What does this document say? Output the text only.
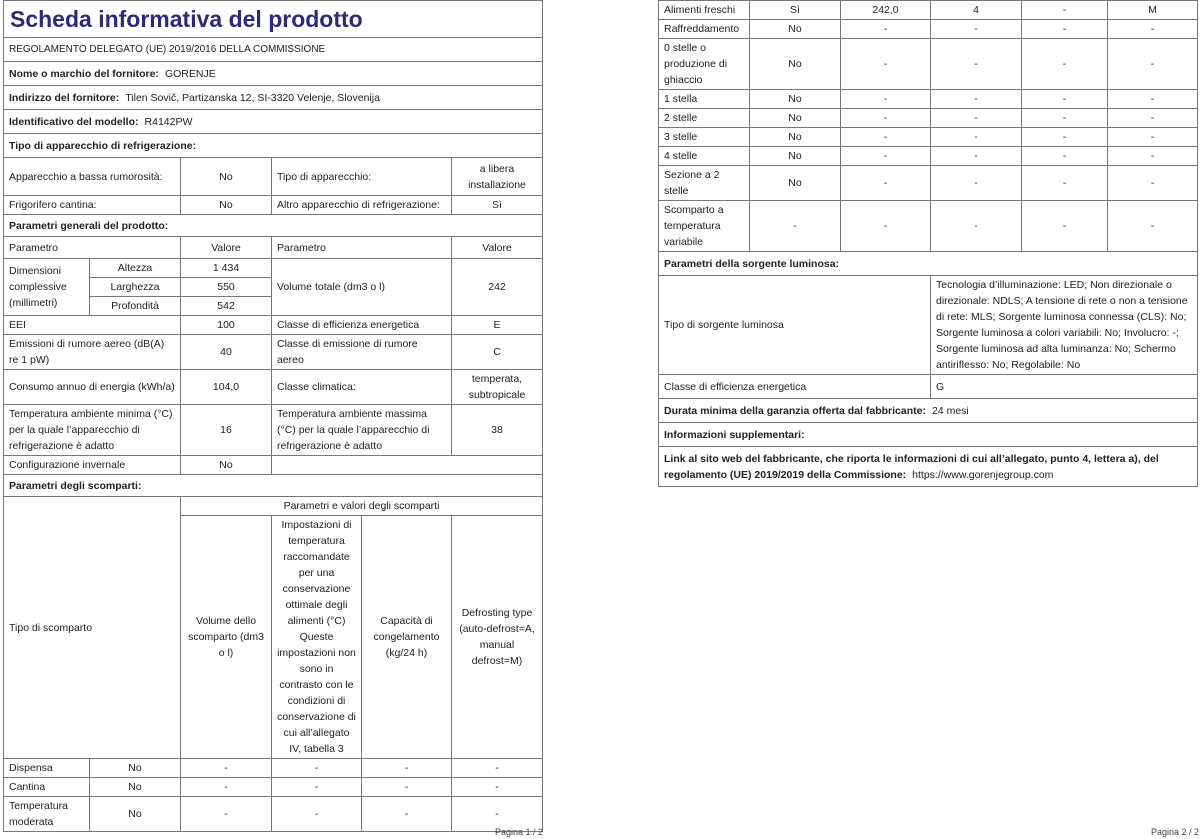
Scheda informativa del prodotto					
REGOLAMENTO DELEGATO (UE) 2019/2016 DELLA COMMISSIONE					
Nome o marchio del fornitore: GORENJE					
Indirizzo del fornitore: Tilen Sovič, Partizanska 12, SI-3320 Velenje, Slovenija					
Identificativo del modello: R4142PW					
Tipo di apparecchio di refrigerazione:					
Apparecchio a bassa rumorosità:		No	Tipo di apparecchio:		a libera installazione
Frigorifero cantina:		No	Altro apparecchio di refrigerazione:		Sì
Parametri generali del prodotto:					
Parametro		Valore	Parametro		Valore
Dimensioni complessive (millimetri)	Altezza	1 434	Volume totale (dm3 o l)		242
	Larghezza	550			
	Profondità	542			
EEI		100	Classe di efficienza energetica		E
Emissioni di rumore aereo (dB(A) re 1 pW)		40	Classe di emissione di rumore aereo		C
Consumo annuo di energia (kWh/a)		104,0	Classe climatica:		temperata, subtropicale
Temperatura ambiente minima (°C) per la quale l’apparecchio di refrigerazione è adatto		16	Temperatura ambiente massima (°C) per la quale l’apparecchio di refrigerazione è adatto		38
Configurazione invernale		No			
Parametri degli scomparti:					
Tipo di scomparto		Parametri e valori degli scomparti			
		Volume dello scomparto (dm3 o l)	Impostazioni di temperatura raccomandate per una conservazione ottimale degli alimenti (°C) Queste impostazioni non sono in contrasto con le condizioni di conservazione di cui all’allegato IV, tabella 3	Capacità di congelamento (kg/24 h)	Defrosting type (auto-defrost=A, manual defrost=M)
Dispensa	No	-	-	-	-
Cantina	No	-	-	-	-
Temperatura moderata	No	-	-	-	-
Pagina 1 / 2
Alimenti freschi	Sì	242,0	4	-	M
Raffreddamento	No	-	-	-	-
0 stelle o produzione di ghiaccio	No	-	-	-	-
1 stella	No	-	-	-	-
2 stelle	No	-	-	-	-
3 stelle	No	-	-	-	-
4 stelle	No	-	-	-	-
Sezione a 2 stelle	No	-	-	-	-
Scomparto a temperatura variabile	-	-	-	-	-
Parametri della sorgente luminosa:					
Tipo di sorgente luminosa			Tecnologia d’illuminazione: LED; Non direzionale o direzionale: NDLS; A tensione di rete o non a tensione di rete: MLS; Sorgente luminosa connessa (CLS): No; Sorgente luminosa a colori variabili: No; Involucro: -; Sorgente luminosa ad alta luminanza: No; Schermo antiriflesso: No; Regolabile: No		
Classe di efficienza energetica			G		
Durata minima della garanzia offerta dal fabbricante: 24 mesi					
Informazioni supplementari:					
Link al sito web del fabbricante, che riporta le informazioni di cui all’allegato, punto 4, lettera a), del regolamento (UE) 2019/2019 della Commissione: https://www.gorenjegroup.com					
Pagina 2 / 2
